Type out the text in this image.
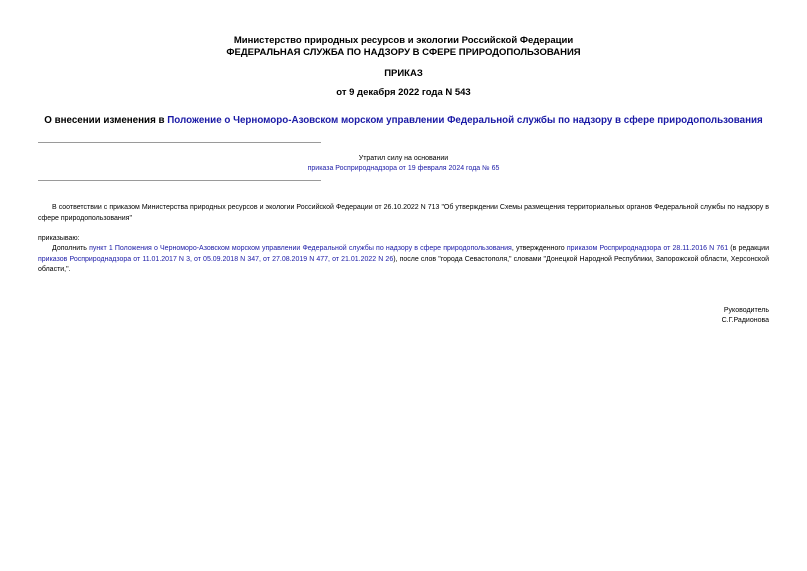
Министерство природных ресурсов и экологии Российской Федерации
ФЕДЕРАЛЬНАЯ СЛУЖБА ПО НАДЗОРУ В СФЕРЕ ПРИРОДОПОЛЬЗОВАНИЯ
ПРИКАЗ
от 9 декабря 2022 года N 543
О внесении изменения в Положение о Черноморо-Азовском морском управлении Федеральной службы по надзору в сфере природопользования
Утратил силу на основании
приказа Росприроднадзора от 19 февраля 2024 года № 65
В соответствии с приказом Министерства природных ресурсов и экологии Российской Федерации от 26.10.2022 N 713 "Об утверждении Схемы размещения территориальных органов Федеральной службы по надзору в сфере природопользования"
приказываю:
Дополнить пункт 1 Положения о Черноморо-Азовском морском управлении Федеральной службы по надзору в сфере природопользования, утвержденного приказом Росприроднадзора от 28.11.2016 N 761 (в редакции приказов Росприроднадзора от 11.01.2017 N 3, от 05.09.2018 N 347, от 27.08.2019 N 477, от 21.01.2022 N 26), после слов "города Севастополя," словами "Донецкой Народной Республики, Запорожской области, Херсонской области,".
Руководитель
С.Г.Радионова
